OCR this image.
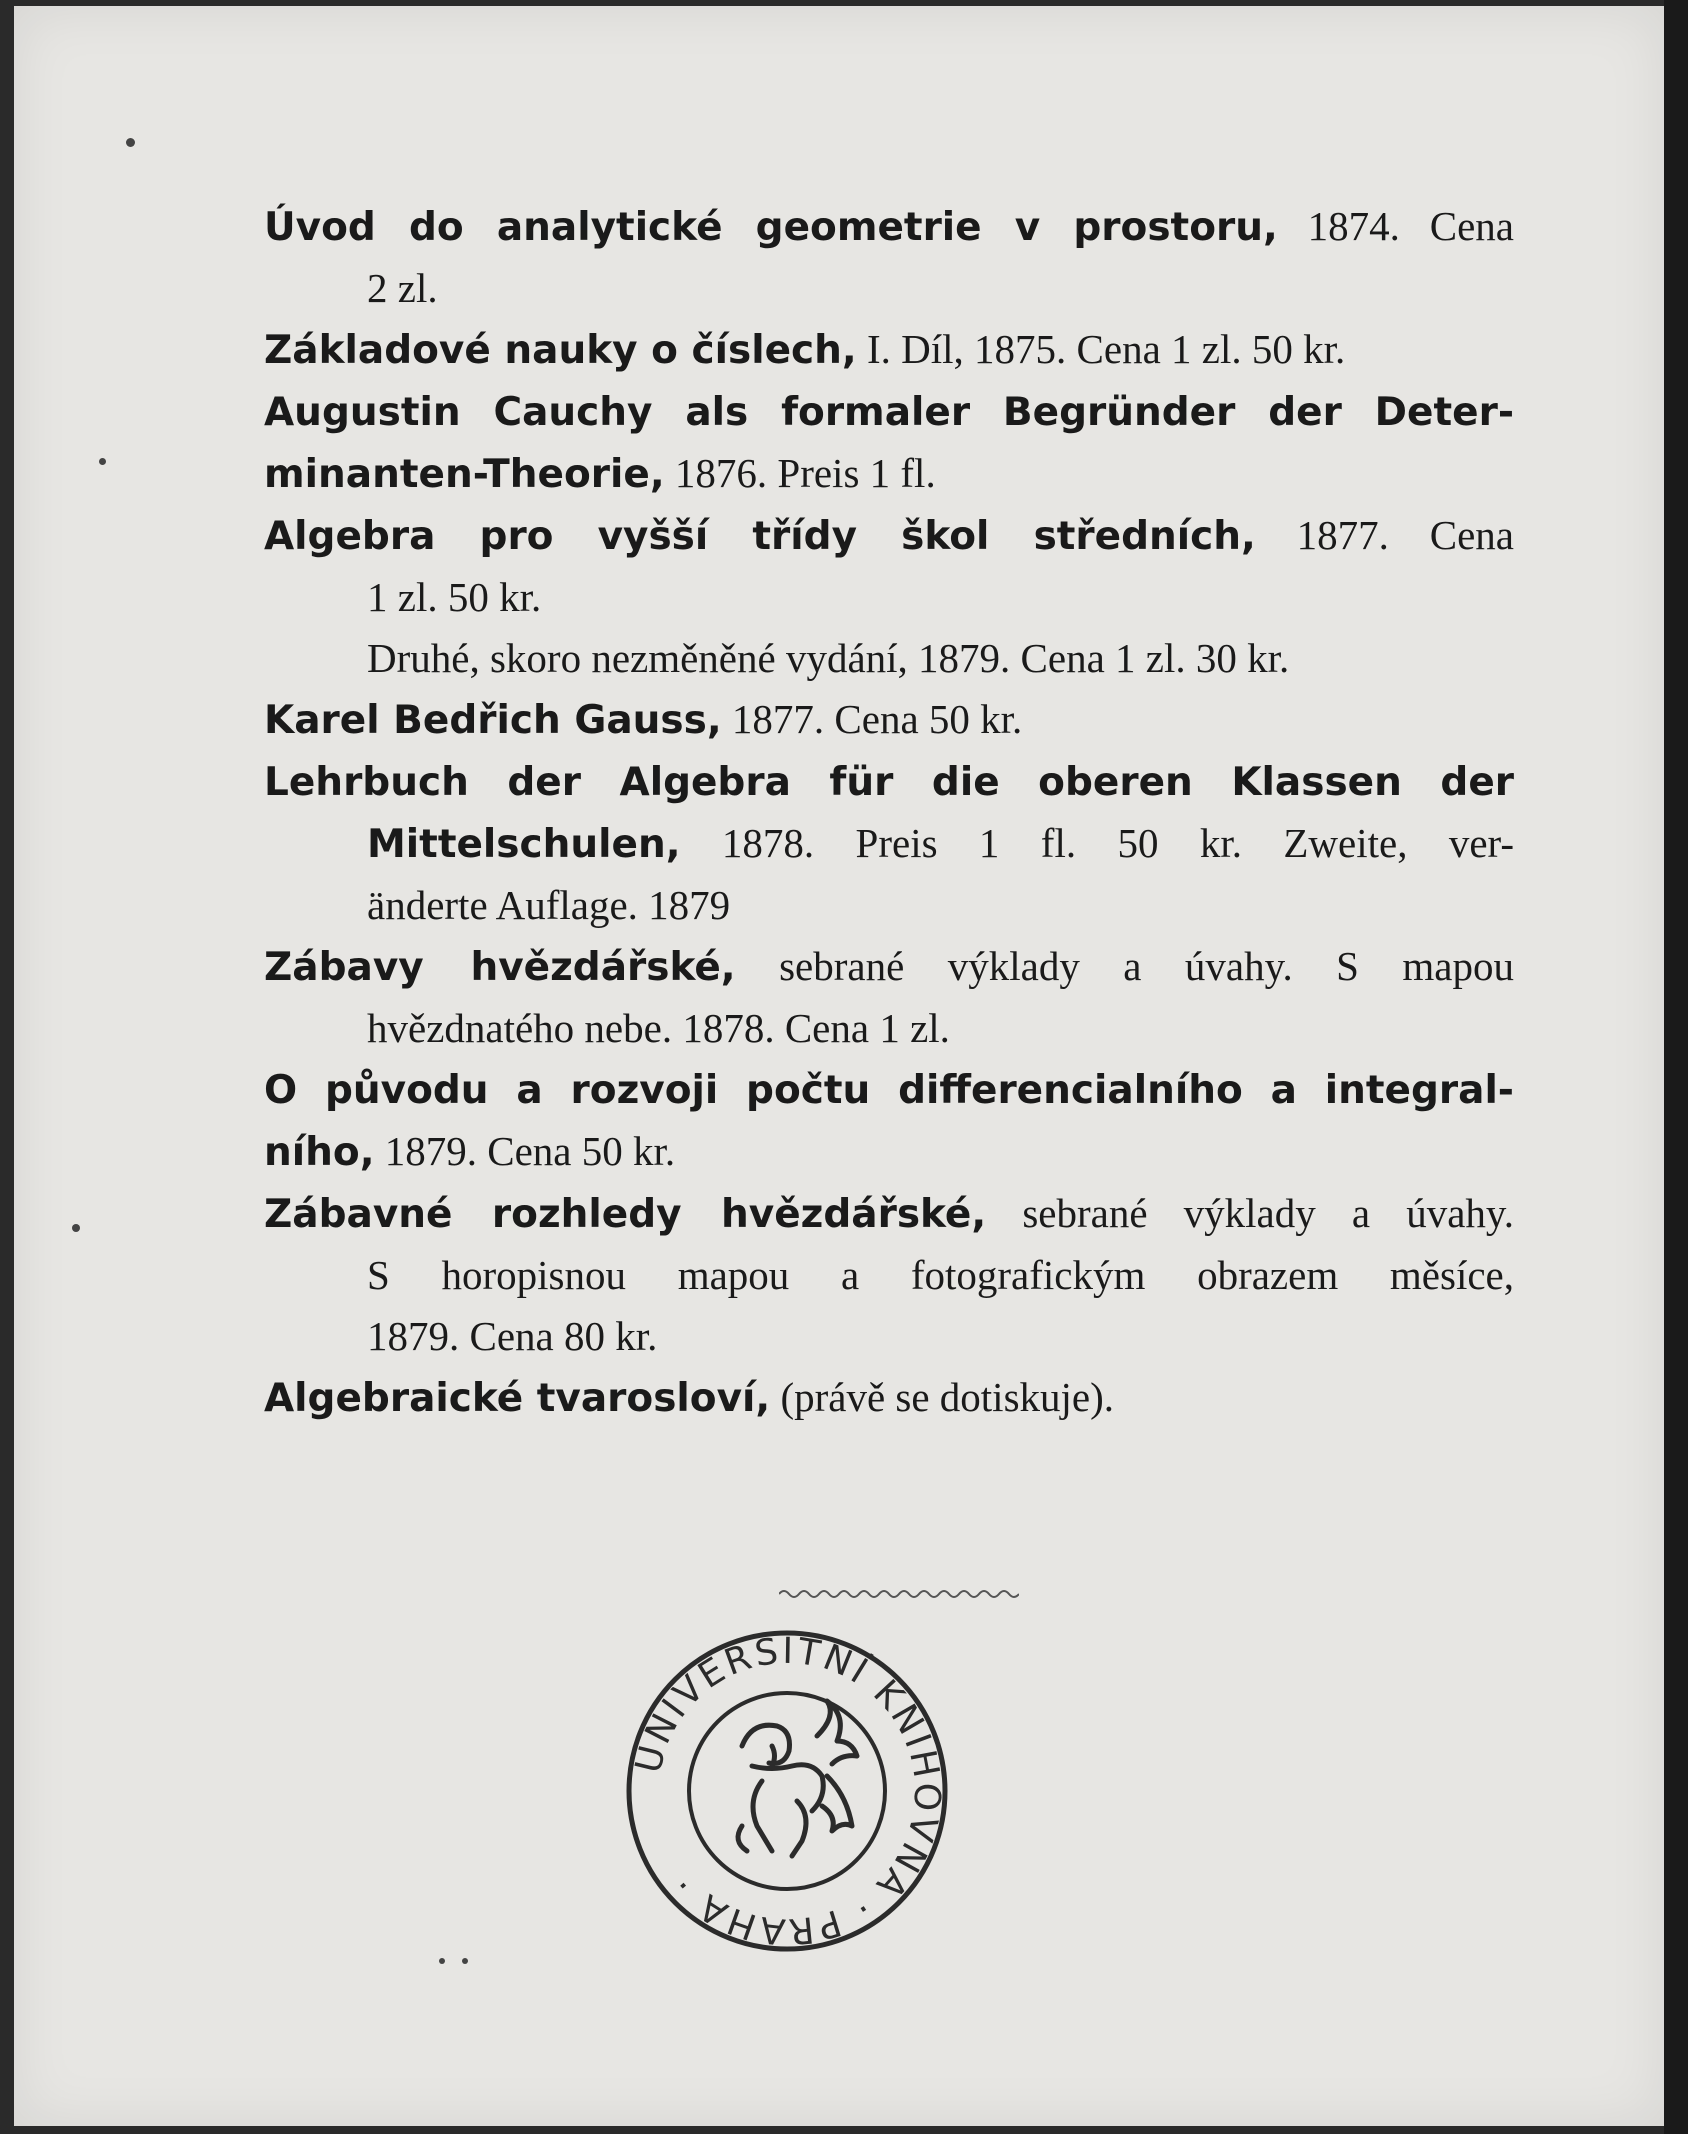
Úvod do analytické geometrie v prostoru, 1874. Cena
2 zl.
Základové nauky o číslech, I. Díl, 1875. Cena 1 zl. 50 kr.
Augustin Cauchy als formaler Begründer der Deter-
minanten-Theorie, 1876. Preis 1 fl.
Algebra pro vyšší třídy škol středních, 1877. Cena
1 zl. 50 kr.
Druhé, skoro nezměněné vydání, 1879. Cena 1 zl. 30 kr.
Karel Bedřich Gauss, 1877. Cena 50 kr.
Lehrbuch der Algebra für die oberen Klassen der
Mittelschulen, 1878. Preis 1 fl. 50 kr. Zweite, ver-
änderte Auflage. 1879
Zábavy hvězdářské, sebrané výklady a úvahy. S mapou
hvězdnatého nebe. 1878. Cena 1 zl.
O původu a rozvoji počtu differencialního a integral-
ního, 1879. Cena 50 kr.
Zábavné rozhledy hvězdářské, sebrané výklady a úvahy.
S horopisnou mapou a fotografickým obrazem měsíce,
1879. Cena 80 kr.
Algebraické tvarosloví, (právě se dotiskuje).
UNIVERSITNÍ KNIHOVNA · PRAHA ·
